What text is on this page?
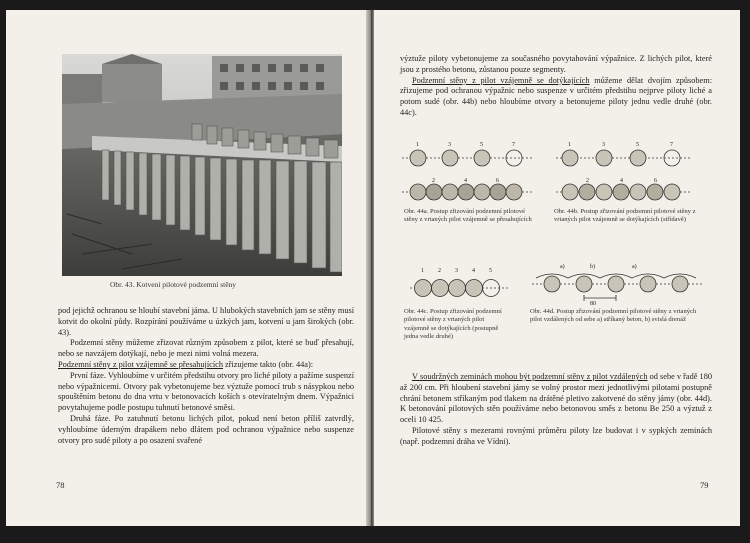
Obr. 43. Kotvení pilotové podzemní stěny

pod jejichž ochranou se hloubí stavební jáma. U hlubokých stavebních jam se stěny musí kotvit do okolní půdy. Rozpírání používáme u úzkých jam, kotvení u jam širokých (obr. 43).

Podzemní stěny můžeme zřizovat různým způsobem z pilot, které se buď přesahují, nebo se navzájem dotýkají, nebo je mezi nimi volná mezera.

Podzemní stěny z pilot vzájemně se přesahujících zřizujeme takto (obr. 44a):

První fáze. Vyhloubíme v určitém předstihu otvory pro liché piloty a pažíme suspenzí nebo výpažnicemi. Otvory pak vybetonujeme bez výztuže pomocí trub s násypkou nebo spouštěním betonu do dna vrtu v betonovacích koších s otevíratelným dnem. Výpažnici povytahujeme podle postupu tuhnutí betonové směsi.

Druhá fáze. Po zatuhnutí betonu lichých pilot, pokud není beton příliš zatvrdlý, vyhloubíme úderným drapákem nebo dlátem pod ochranou výpažnice nebo suspenze otvory pro sudé piloty a po osazení svařené

78

výztuže piloty vybetonujeme za současného povytahování výpažnice. Z lichých pilot, které jsou z prostého betonu, zůstanou pouze segmenty.

Podzemní stěny z pilot vzájemně se dotýkajících můžeme dělat dvojím způsobem: zřizujeme pod ochranou výpažnic nebo suspenze v určitém předstihu nejprve piloty liché a potom sudé (obr. 44b) nebo hloubíme otvory a betonujeme piloty jednu vedle druhé (obr. 44c).

1	3	5	7
2	4	6
Obr. 44a. Postup zřizování podzemní pilotové stěny z vrtaných pilot vzájemně se přesahujících
1	3	5	7
2	4	6
Obr. 44b. Postup zřizování podzemní pilotové stěny z vrtaných pilot vzájemně se dotýkajících (střídavě)
1 2 3 4 5
Obr. 44c. Postup zřizování podzemní pilotové stěny z vrtaných pilot vzájemně se dotýkajících (postupně jedna vedle druhé)
a)	b)	a)
80
Obr. 44d. Postup zřizování podzemní pilotové stěny z vrtaných pilot vzdálených od sebe a) stříkaný beton, b) svislá drenáž

V soudržných zeminách mohou být podzemní stěny z pilot vzdálených od sebe v řadě 180 až 200 cm. Při hloubení stavební jámy se volný prostor mezi jednotlivými pilotami postupně chrání betonem stříkaným pod tlakem na drátěné pletivo zakotvené do stěny jámy (obr. 44d). K betonování pilotových stěn používáme nebo betonovou směs z betonu Be 250 a výztuž z oceli 10 425.

Pilotové stěny s mezerami rovnými průměru piloty lze budovat i v sypkých zeminách (např. podzemní dráha ve Vídni).

79
